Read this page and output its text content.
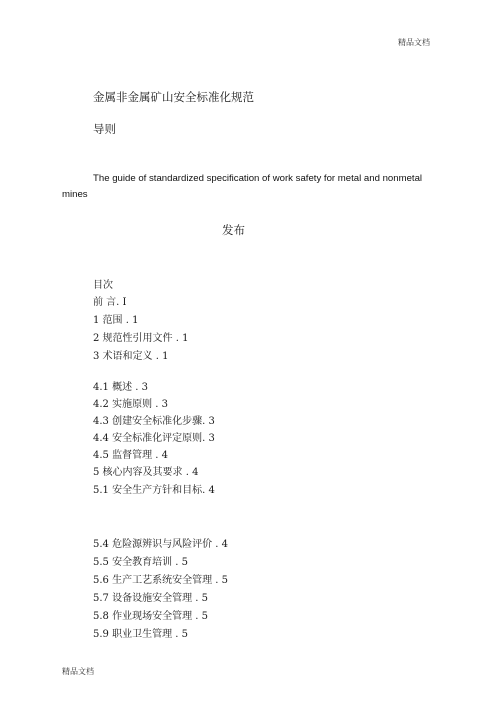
精品文档
金属非金属矿山安全标准化规范
导则
The guide of standardized specification of work safety for metal and nonmetal
mines
发布
目次
前 言. I
1 范围 . 1
2 规范性引用文件 . 1
3 术语和定义 . 1
4.1 概述 . 3
4.2 实施原则 . 3
4.3 创建安全标准化步骤. 3
4.4 安全标准化评定原则. 3
4.5 监督管理 . 4
5 核心内容及其要求 . 4
5.1 安全生产方针和目标. 4
5.4 危险源辨识与风险评价 . 4
5.5 安全教育培训 . 5
5.6 生产工艺系统安全管理 . 5
5.7 设备设施安全管理 . 5
5.8 作业现场安全管理 . 5
5.9 职业卫生管理 . 5
精品文档
